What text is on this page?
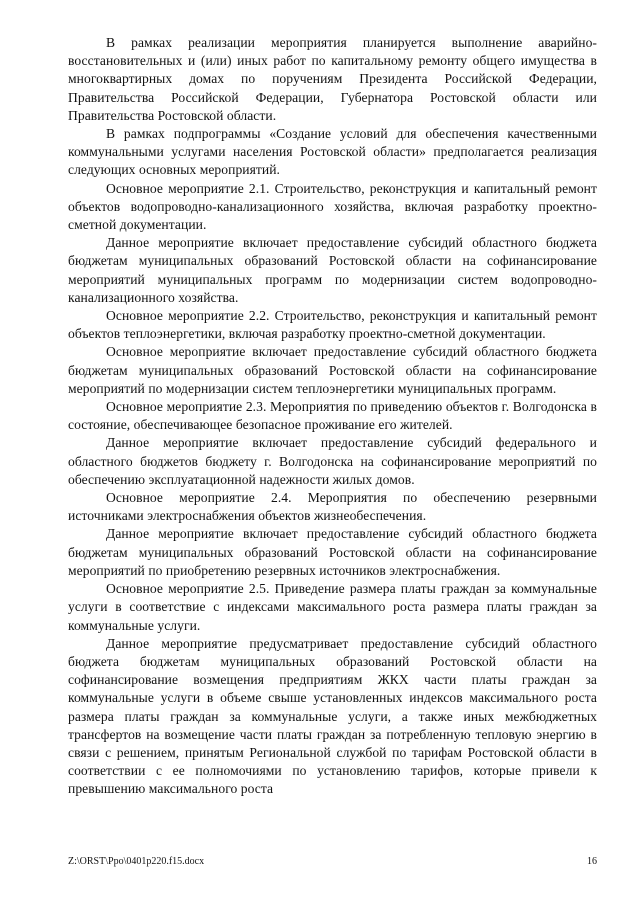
В рамках реализации мероприятия планируется выполнение аварийно-восстановительных и (или) иных работ по капитальному ремонту общего имущества в многоквартирных домах по поручениям Президента Российской Федерации, Правительства Российской Федерации, Губернатора Ростовской области или Правительства Ростовской области.

В рамках подпрограммы «Создание условий для обеспечения качественными коммунальными услугами населения Ростовской области» предполагается реализация следующих основных мероприятий.

Основное мероприятие 2.1. Строительство, реконструкция и капитальный ремонт объектов водопроводно-канализационного хозяйства, включая разработку проектно-сметной документации.

Данное мероприятие включает предоставление субсидий областного бюджета бюджетам муниципальных образований Ростовской области на софинансирование мероприятий муниципальных программ по модернизации систем водопроводно-канализационного хозяйства.

Основное мероприятие 2.2. Строительство, реконструкция и капитальный ремонт объектов теплоэнергетики, включая разработку проектно-сметной документации.

Основное мероприятие включает предоставление субсидий областного бюджета бюджетам муниципальных образований Ростовской области на софинансирование мероприятий по модернизации систем теплоэнергетики муниципальных программ.

Основное мероприятие 2.3. Мероприятия по приведению объектов г. Волгодонска в состояние, обеспечивающее безопасное проживание его жителей.

Данное мероприятие включает предоставление субсидий федерального и областного бюджетов бюджету г. Волгодонска на софинансирование мероприятий по обеспечению эксплуатационной надежности жилых домов.

Основное мероприятие 2.4. Мероприятия по обеспечению резервными источниками электроснабжения объектов жизнеобеспечения.

Данное мероприятие включает предоставление субсидий областного бюджета бюджетам муниципальных образований Ростовской области на софинансирование мероприятий по приобретению резервных источников электроснабжения.

Основное мероприятие 2.5. Приведение размера платы граждан за коммунальные услуги в соответствие с индексами максимального роста размера платы граждан за коммунальные услуги.

Данное мероприятие предусматривает предоставление субсидий областного бюджета бюджетам муниципальных образований Ростовской области на софинансирование возмещения предприятиям ЖКХ части платы граждан за коммунальные услуги в объеме свыше установленных индексов максимального роста размера платы граждан за коммунальные услуги, а также иных межбюджетных трансфертов на возмещение части платы граждан за потребленную тепловую энергию в связи с решением, принятым Региональной службой по тарифам Ростовской области в соответствии с ее полномочиями по установлению тарифов, которые привели к превышению максимального роста

Z:\ORST\Ppo\0401p220.f15.docx	16
